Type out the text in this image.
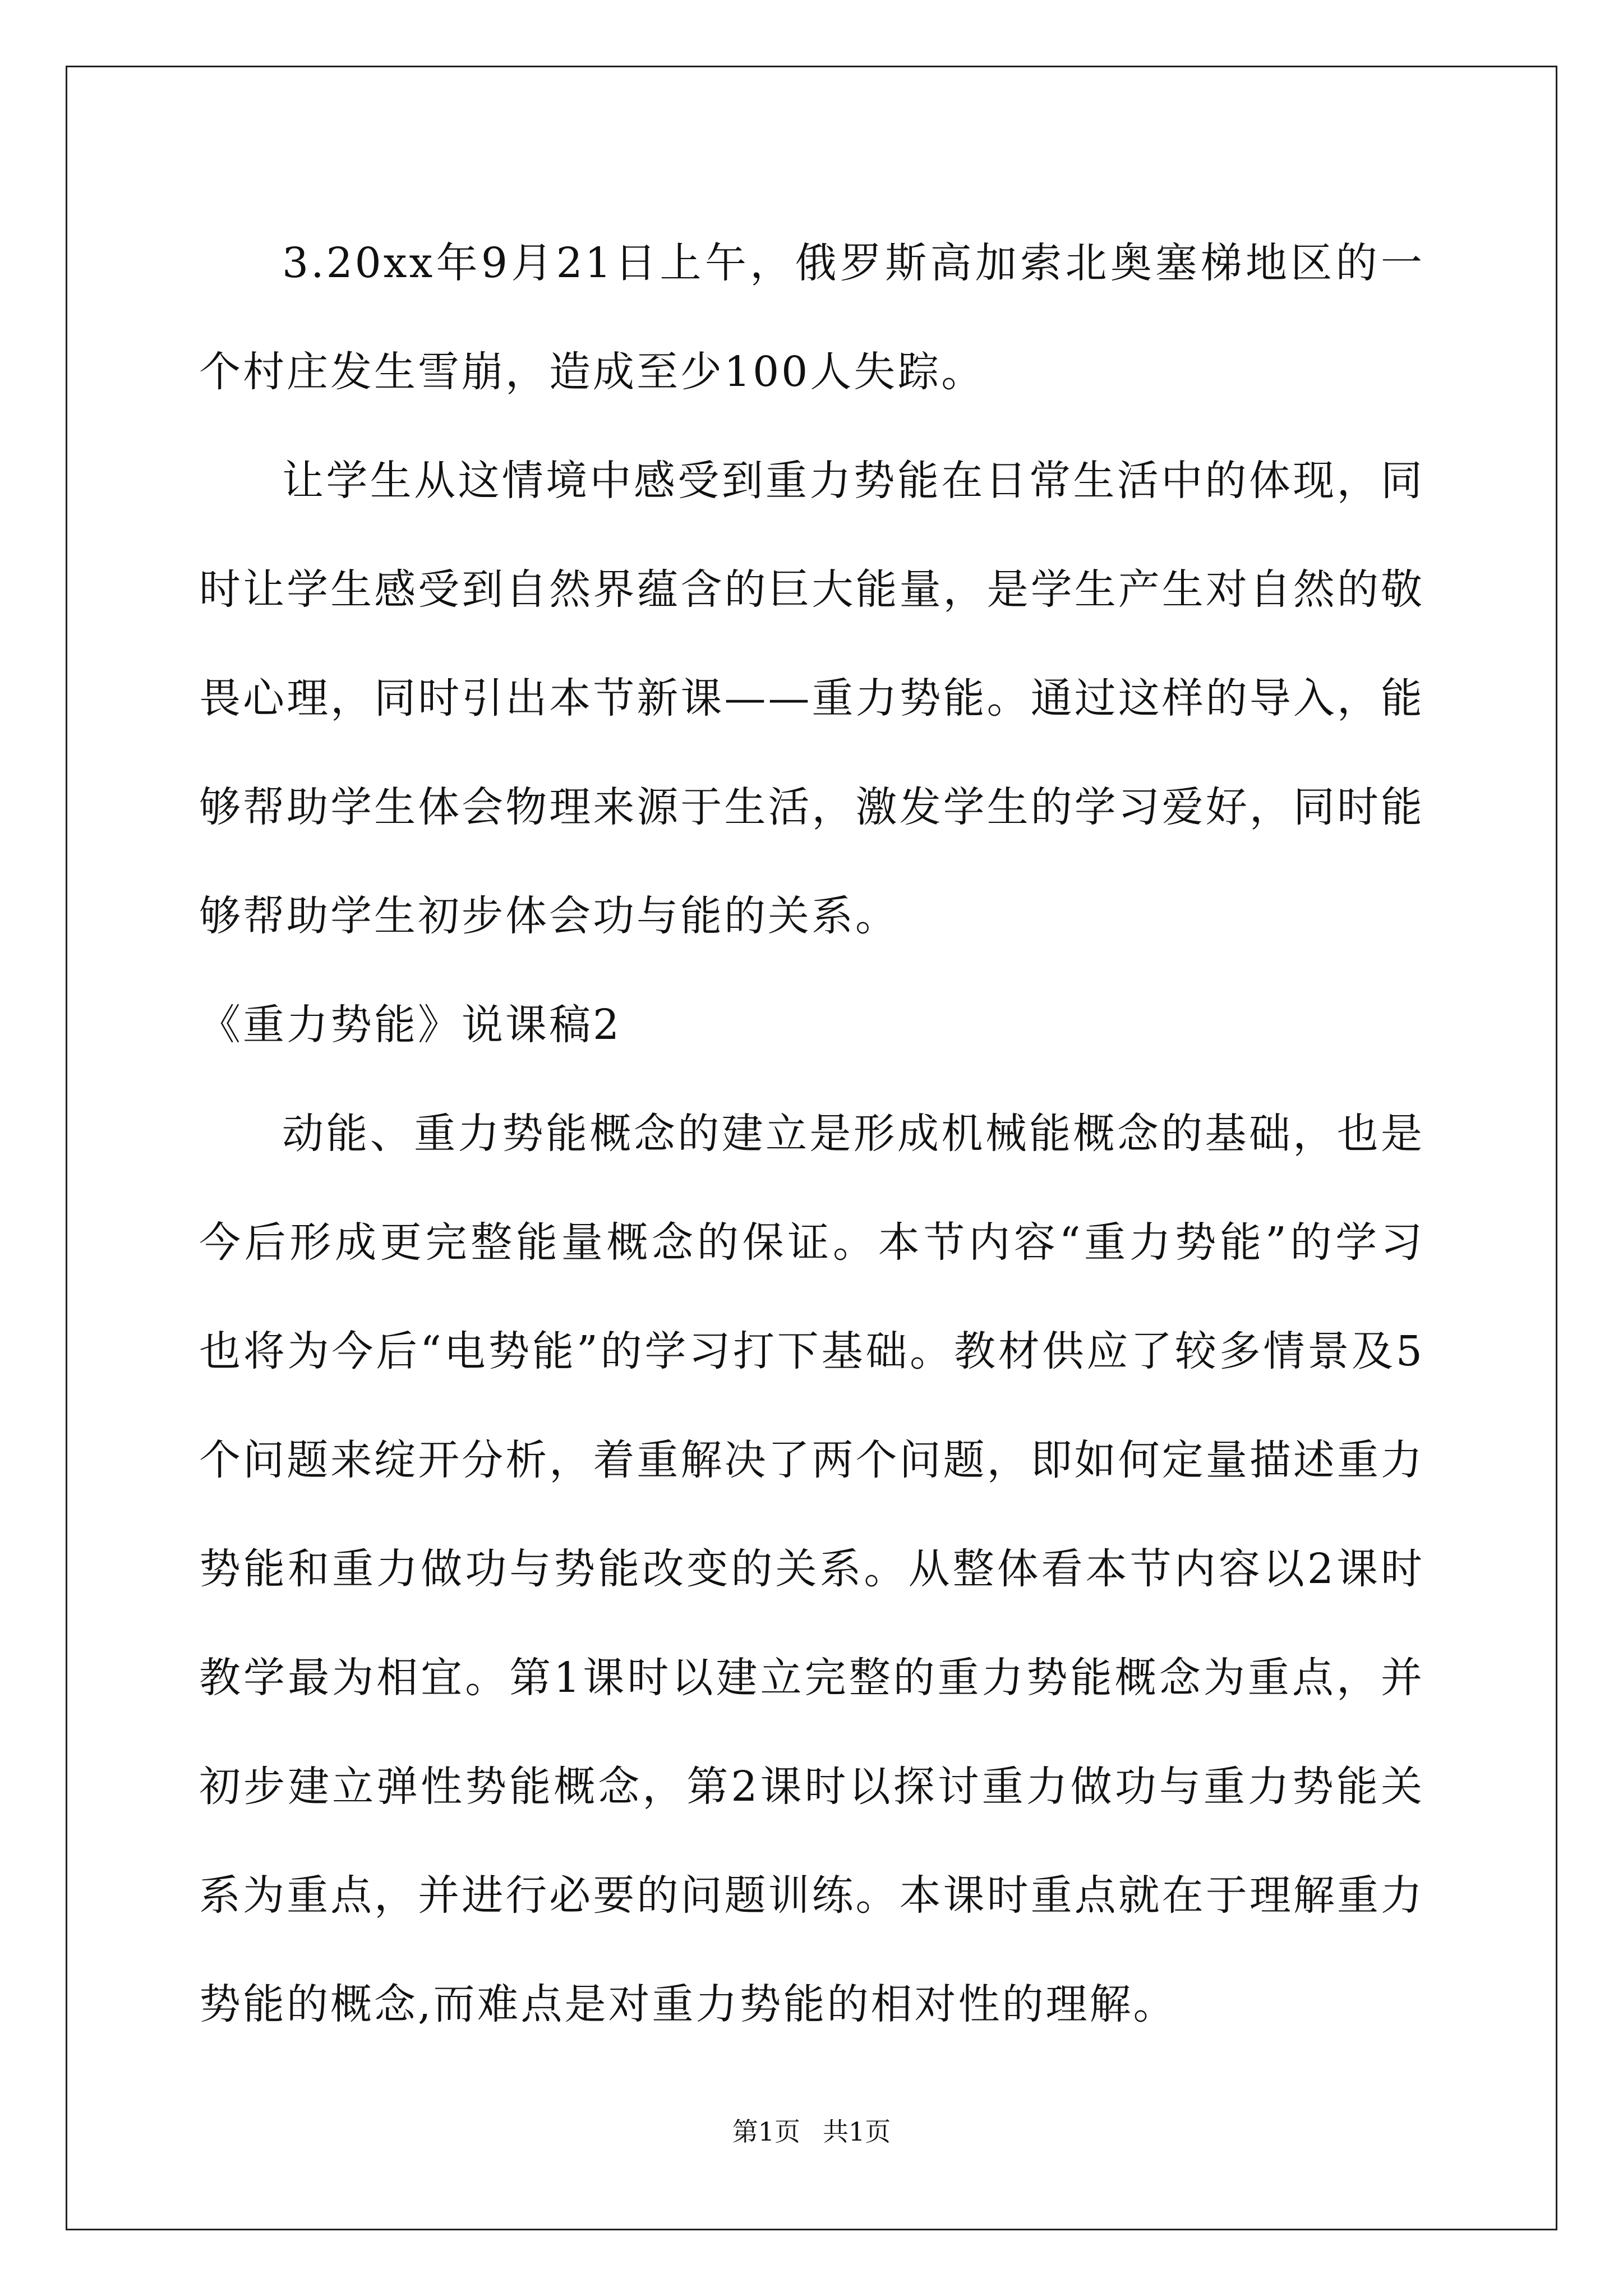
3.20xx年9月21日上午，俄罗斯高加索北奥塞梯地区的一个村庄发生雪崩，造成至少100人失踪。

让学生从这情境中感受到重力势能在日常生活中的体现，同时让学生感受到自然界蕴含的巨大能量，是学生产生对自然的敬畏心理，同时引出本节新课——重力势能。通过这样的导入，能够帮助学生体会物理来源于生活，激发学生的学习爱好，同时能够帮助学生初步体会功与能的关系。

《重力势能》说课稿2

动能、重力势能概念的建立是形成机械能概念的基础，也是今后形成更完整能量概念的保证。本节内容“重力势能”的学习也将为今后“电势能”的学习打下基础。教材供应了较多情景及5个问题来绽开分析，着重解决了两个问题，即如何定量描述重力势能和重力做功与势能改变的关系。从整体看本节内容以2课时教学最为相宜。第1课时以建立完整的重力势能概念为重点，并初步建立弹性势能概念，第2课时以探讨重力做功与重力势能关系为重点，并进行必要的问题训练。本课时重点就在于理解重力势能的概念,而难点是对重力势能的相对性的理解。

第1页 共1页
